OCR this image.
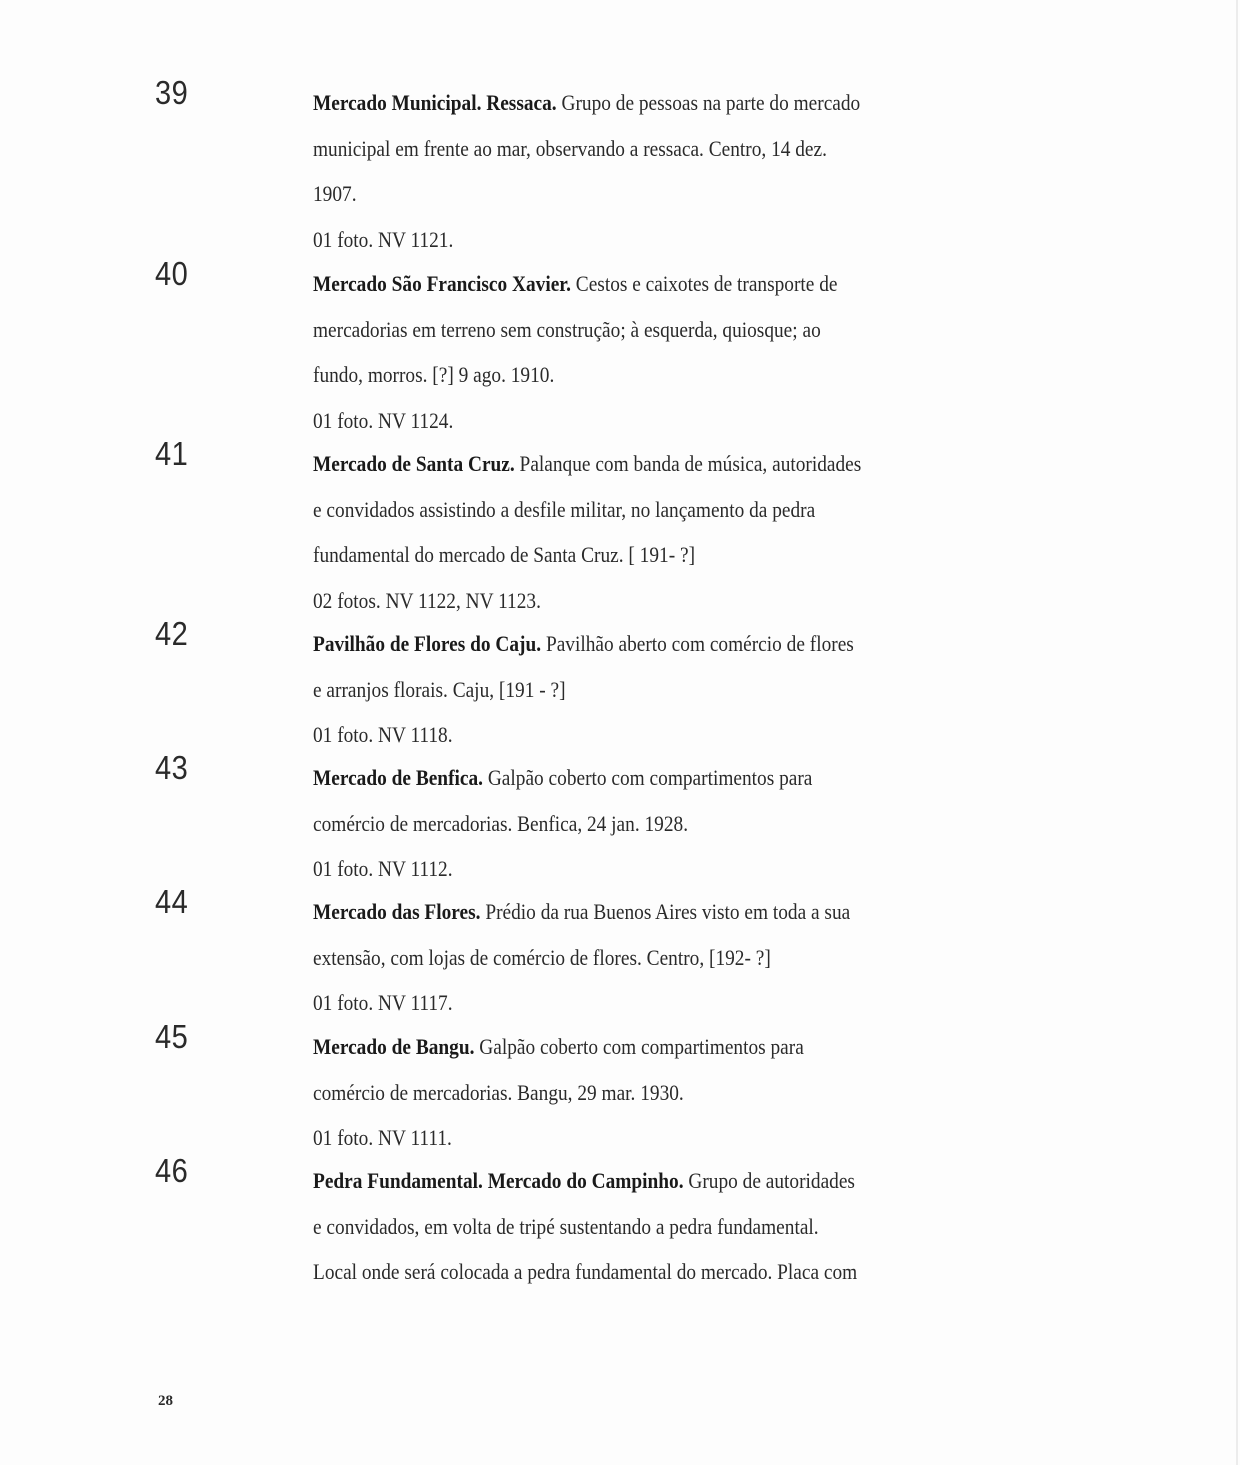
39	Mercado Municipal. Ressaca. Grupo de pessoas na parte do mercado
municipal em frente ao mar, observando a ressaca. Centro, 14 dez.
1907.

01 foto. NV 1121.

40	Mercado São Francisco Xavier. Cestos e caixotes de transporte de
mercadorias em terreno sem construção; à esquerda, quiosque; ao
fundo, morros. [?] 9 ago. 1910.

01 foto. NV 1124.

41	Mercado de Santa Cruz. Palanque com banda de música, autoridades
e convidados assistindo a desfile militar, no lançamento da pedra
fundamental do mercado de Santa Cruz. [ 191- ?]

02 fotos. NV 1122, NV 1123.

42	Pavilhão de Flores do Caju. Pavilhão aberto com comércio de flores
e arranjos florais. Caju, [191 - ?]

01 foto. NV 1118.

43	Mercado de Benfica. Galpão coberto com compartimentos para
comércio de mercadorias. Benfica, 24 jan. 1928.

01 foto. NV 1112.

44	Mercado das Flores. Prédio da rua Buenos Aires visto em toda a sua
extensão, com lojas de comércio de flores. Centro, [192- ?]

01 foto. NV 1117.

45	Mercado de Bangu. Galpão coberto com compartimentos para
comércio de mercadorias. Bangu, 29 mar. 1930.

01 foto. NV 1111.

46	Pedra Fundamental. Mercado do Campinho. Grupo de autoridades
e convidados, em volta de tripé sustentando a pedra fundamental.
Local onde será colocada a pedra fundamental do mercado. Placa com

28
